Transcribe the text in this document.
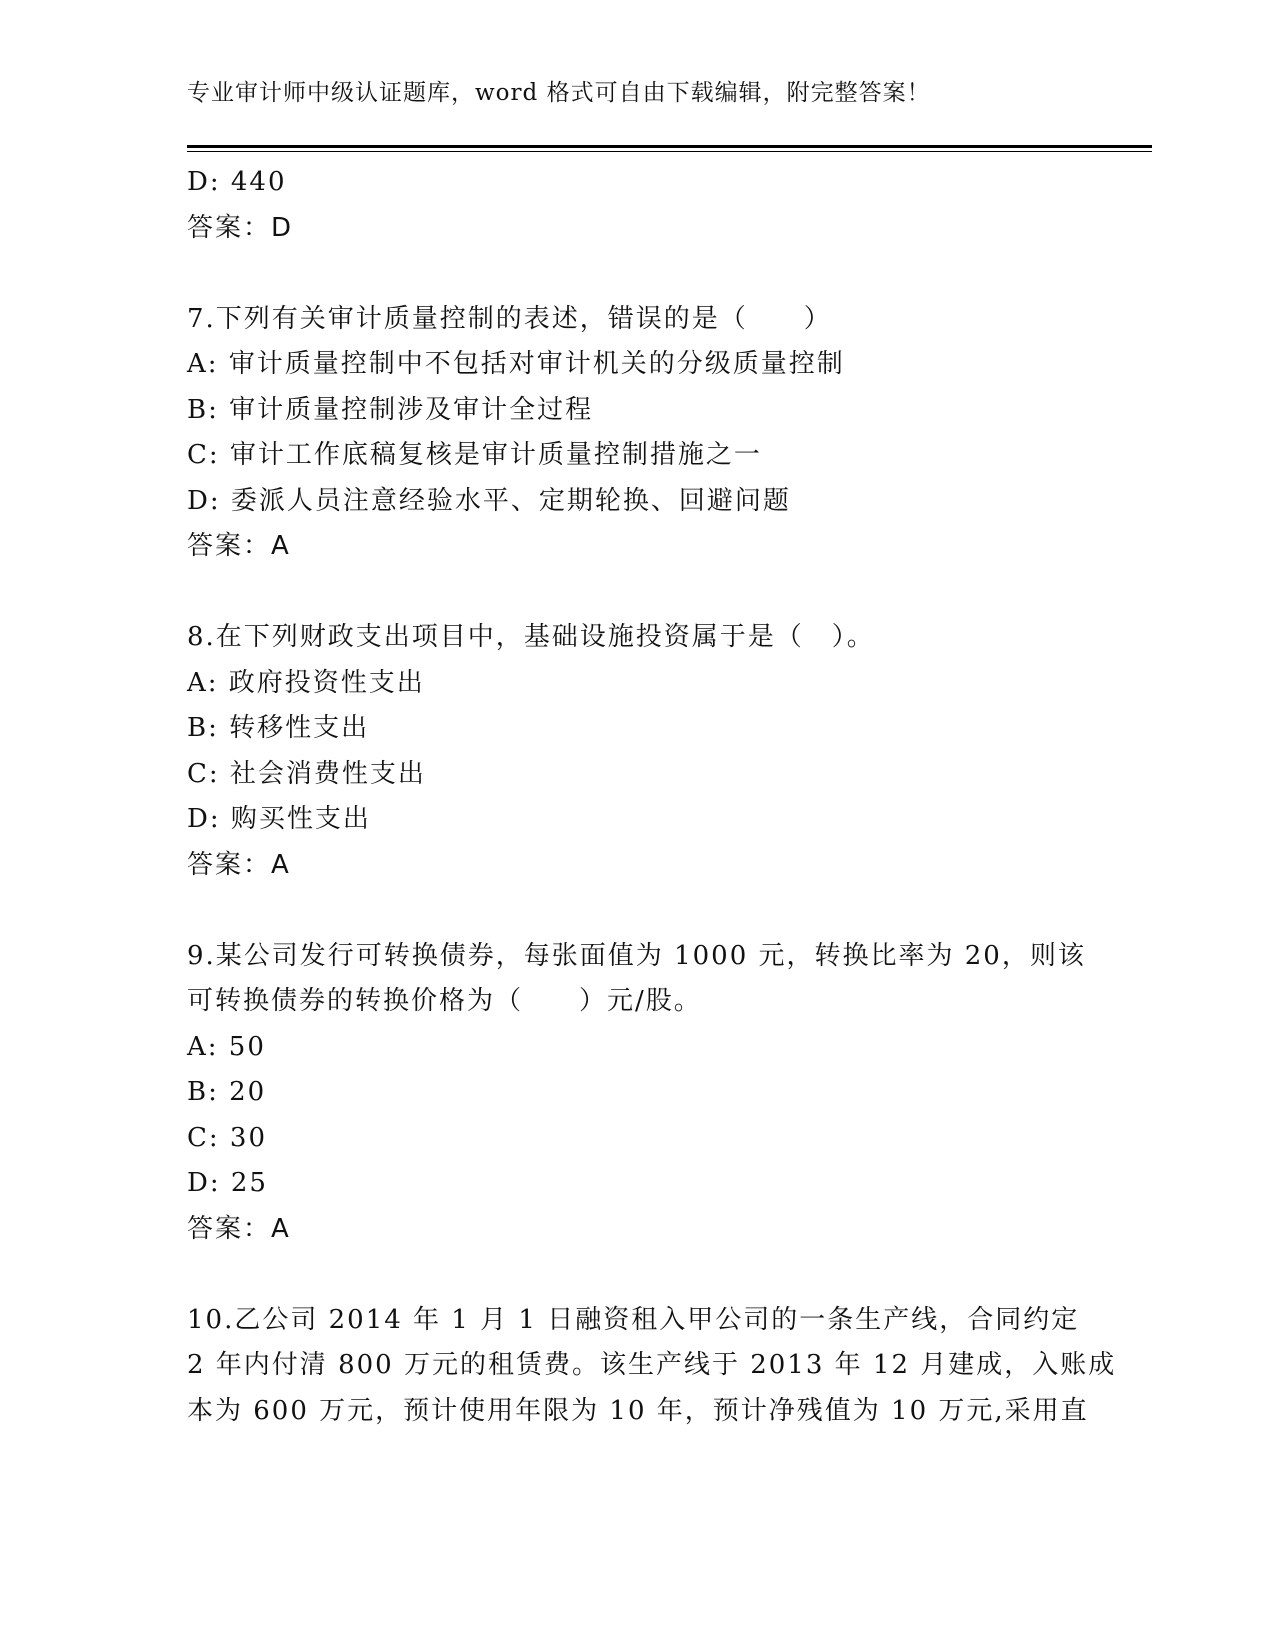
专业审计师中级认证题库，word 格式可自由下载编辑，附完整答案！
D: 440
答案：D
7.下列有关审计质量控制的表述，错误的是（　　）
A: 审计质量控制中不包括对审计机关的分级质量控制
B: 审计质量控制涉及审计全过程
C: 审计工作底稿复核是审计质量控制措施之一
D: 委派人员注意经验水平、定期轮换、回避问题
答案：A
8.在下列财政支出项目中，基础设施投资属于是（　）。
A: 政府投资性支出
B: 转移性支出
C: 社会消费性支出
D: 购买性支出
答案：A
9.某公司发行可转换债券，每张面值为 1000 元，转换比率为 20，则该
可转换债券的转换价格为（　　）元/股。
A: 50
B: 20
C: 30
D: 25
答案：A
10.乙公司 2014 年 1 月 1 日融资租入甲公司的一条生产线，合同约定
2 年内付清 800 万元的租赁费。该生产线于 2013 年 12 月建成，入账成
本为 600 万元，预计使用年限为 10 年，预计净残值为 10 万元,采用直
